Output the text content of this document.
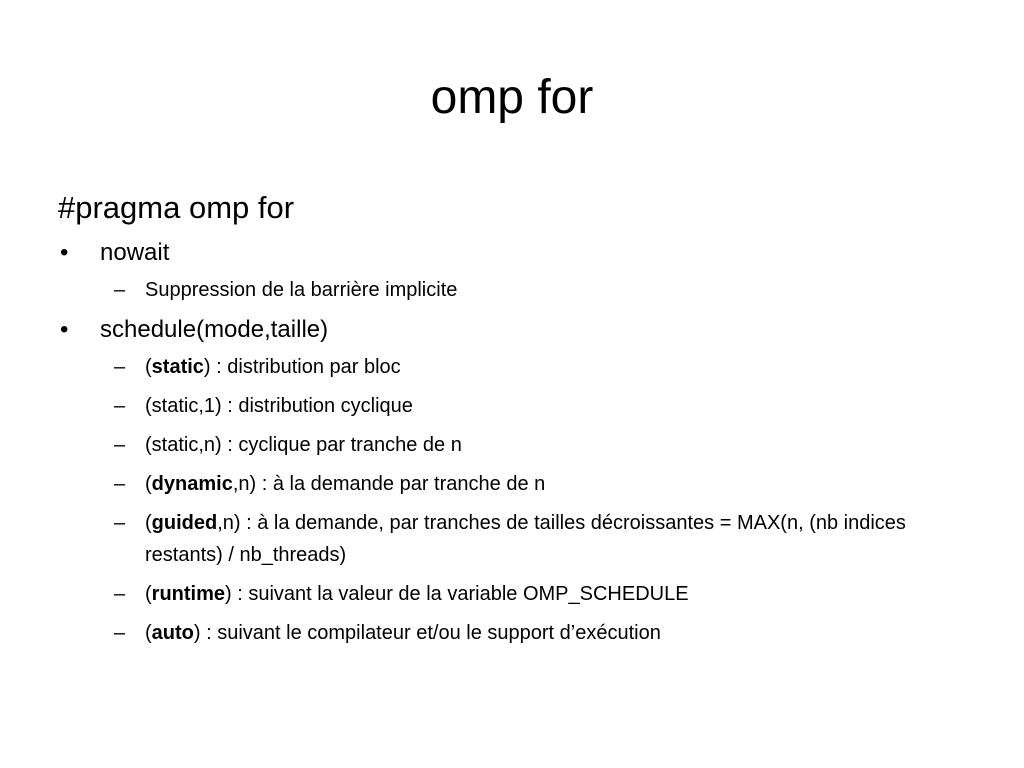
omp for
#pragma omp for
• nowait
– Suppression de la barrière implicite
• schedule(mode,taille)
– (static) : distribution par bloc
– (static,1) : distribution cyclique
– (static,n) : cyclique par tranche de n
– (dynamic,n) : à la demande par tranche de n
– (guided,n) : à la demande, par tranches de tailles décroissantes = MAX(n, (nb indices restants) / nb_threads)
– (runtime) : suivant la valeur de la variable OMP_SCHEDULE
– (auto) : suivant le compilateur et/ou le support d’exécution
